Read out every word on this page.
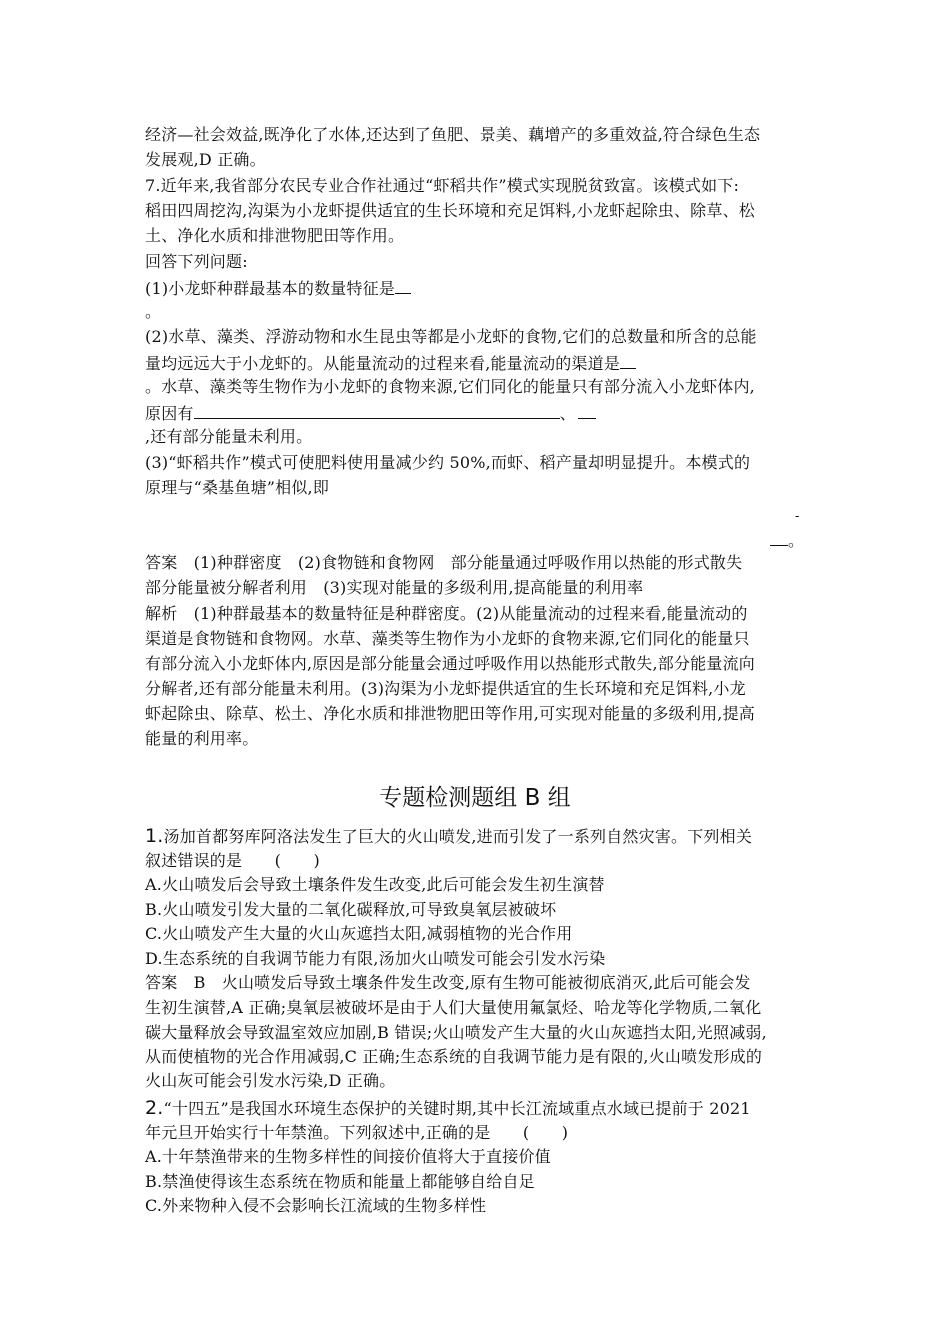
经济—社会效益,既净化了水体,还达到了鱼肥、景美、藕增产的多重效益,符合绿色生态
发展观,D 正确。
7.近年来,我省部分农民专业合作社通过“虾稻共作”模式实现脱贫致富。该模式如下:
稻田四周挖沟,沟渠为小龙虾提供适宜的生长环境和充足饵料,小龙虾起除虫、除草、松
土、净化水质和排泄物肥田等作用。
回答下列问题:
(1)小龙虾种群最基本的数量特征是
。
(2)水草、藻类、浮游动物和水生昆虫等都是小龙虾的食物,它们的总数量和所含的总能
量均远远大于小龙虾的。从能量流动的过程来看,能量流动的渠道是
。水草、藻类等生物作为小龙虾的食物来源,它们同化的能量只有部分流入小龙虾体内,
原因有	、
,还有部分能量未利用。
(3)“虾稻共作”模式可使肥料使用量减少约 50%,而虾、稻产量却明显提升。本模式的
原理与“桑基鱼塘”相似,即
-
。
答案　(1)种群密度　(2)食物链和食物网　部分能量通过呼吸作用以热能的形式散失
部分能量被分解者利用　(3)实现对能量的多级利用,提高能量的利用率
解析　(1)种群最基本的数量特征是种群密度。(2)从能量流动的过程来看,能量流动的
渠道是食物链和食物网。水草、藻类等生物作为小龙虾的食物来源,它们同化的能量只
有部分流入小龙虾体内,原因是部分能量会通过呼吸作用以热能形式散失,部分能量流向
分解者,还有部分能量未利用。(3)沟渠为小龙虾提供适宜的生长环境和充足饵料,小龙
虾起除虫、除草、松土、净化水质和排泄物肥田等作用,可实现对能量的多级利用,提高
能量的利用率。
专题检测题组 B 组
1.汤加首都努库阿洛法发生了巨大的火山喷发,进而引发了一系列自然灾害。下列相关
叙述错误的是　　(　　)
A.火山喷发后会导致土壤条件发生改变,此后可能会发生初生演替
B.火山喷发引发大量的二氧化碳释放,可导致臭氧层被破坏
C.火山喷发产生大量的火山灰遮挡太阳,减弱植物的光合作用
D.生态系统的自我调节能力有限,汤加火山喷发可能会引发水污染
答案　B　火山喷发后导致土壤条件发生改变,原有生物可能被彻底消灭,此后可能会发
生初生演替,A 正确;臭氧层被破坏是由于人们大量使用氟氯烃、哈龙等化学物质,二氧化
碳大量释放会导致温室效应加剧,B 错误;火山喷发产生大量的火山灰遮挡太阳,光照减弱,
从而使植物的光合作用减弱,C 正确;生态系统的自我调节能力是有限的,火山喷发形成的
火山灰可能会引发水污染,D 正确。
2.“十四五”是我国水环境生态保护的关键时期,其中长江流域重点水域已提前于 2021
年元旦开始实行十年禁渔。下列叙述中,正确的是　　(　　)
A.十年禁渔带来的生物多样性的间接价值将大于直接价值
B.禁渔使得该生态系统在物质和能量上都能够自给自足
C.外来物种入侵不会影响长江流域的生物多样性
